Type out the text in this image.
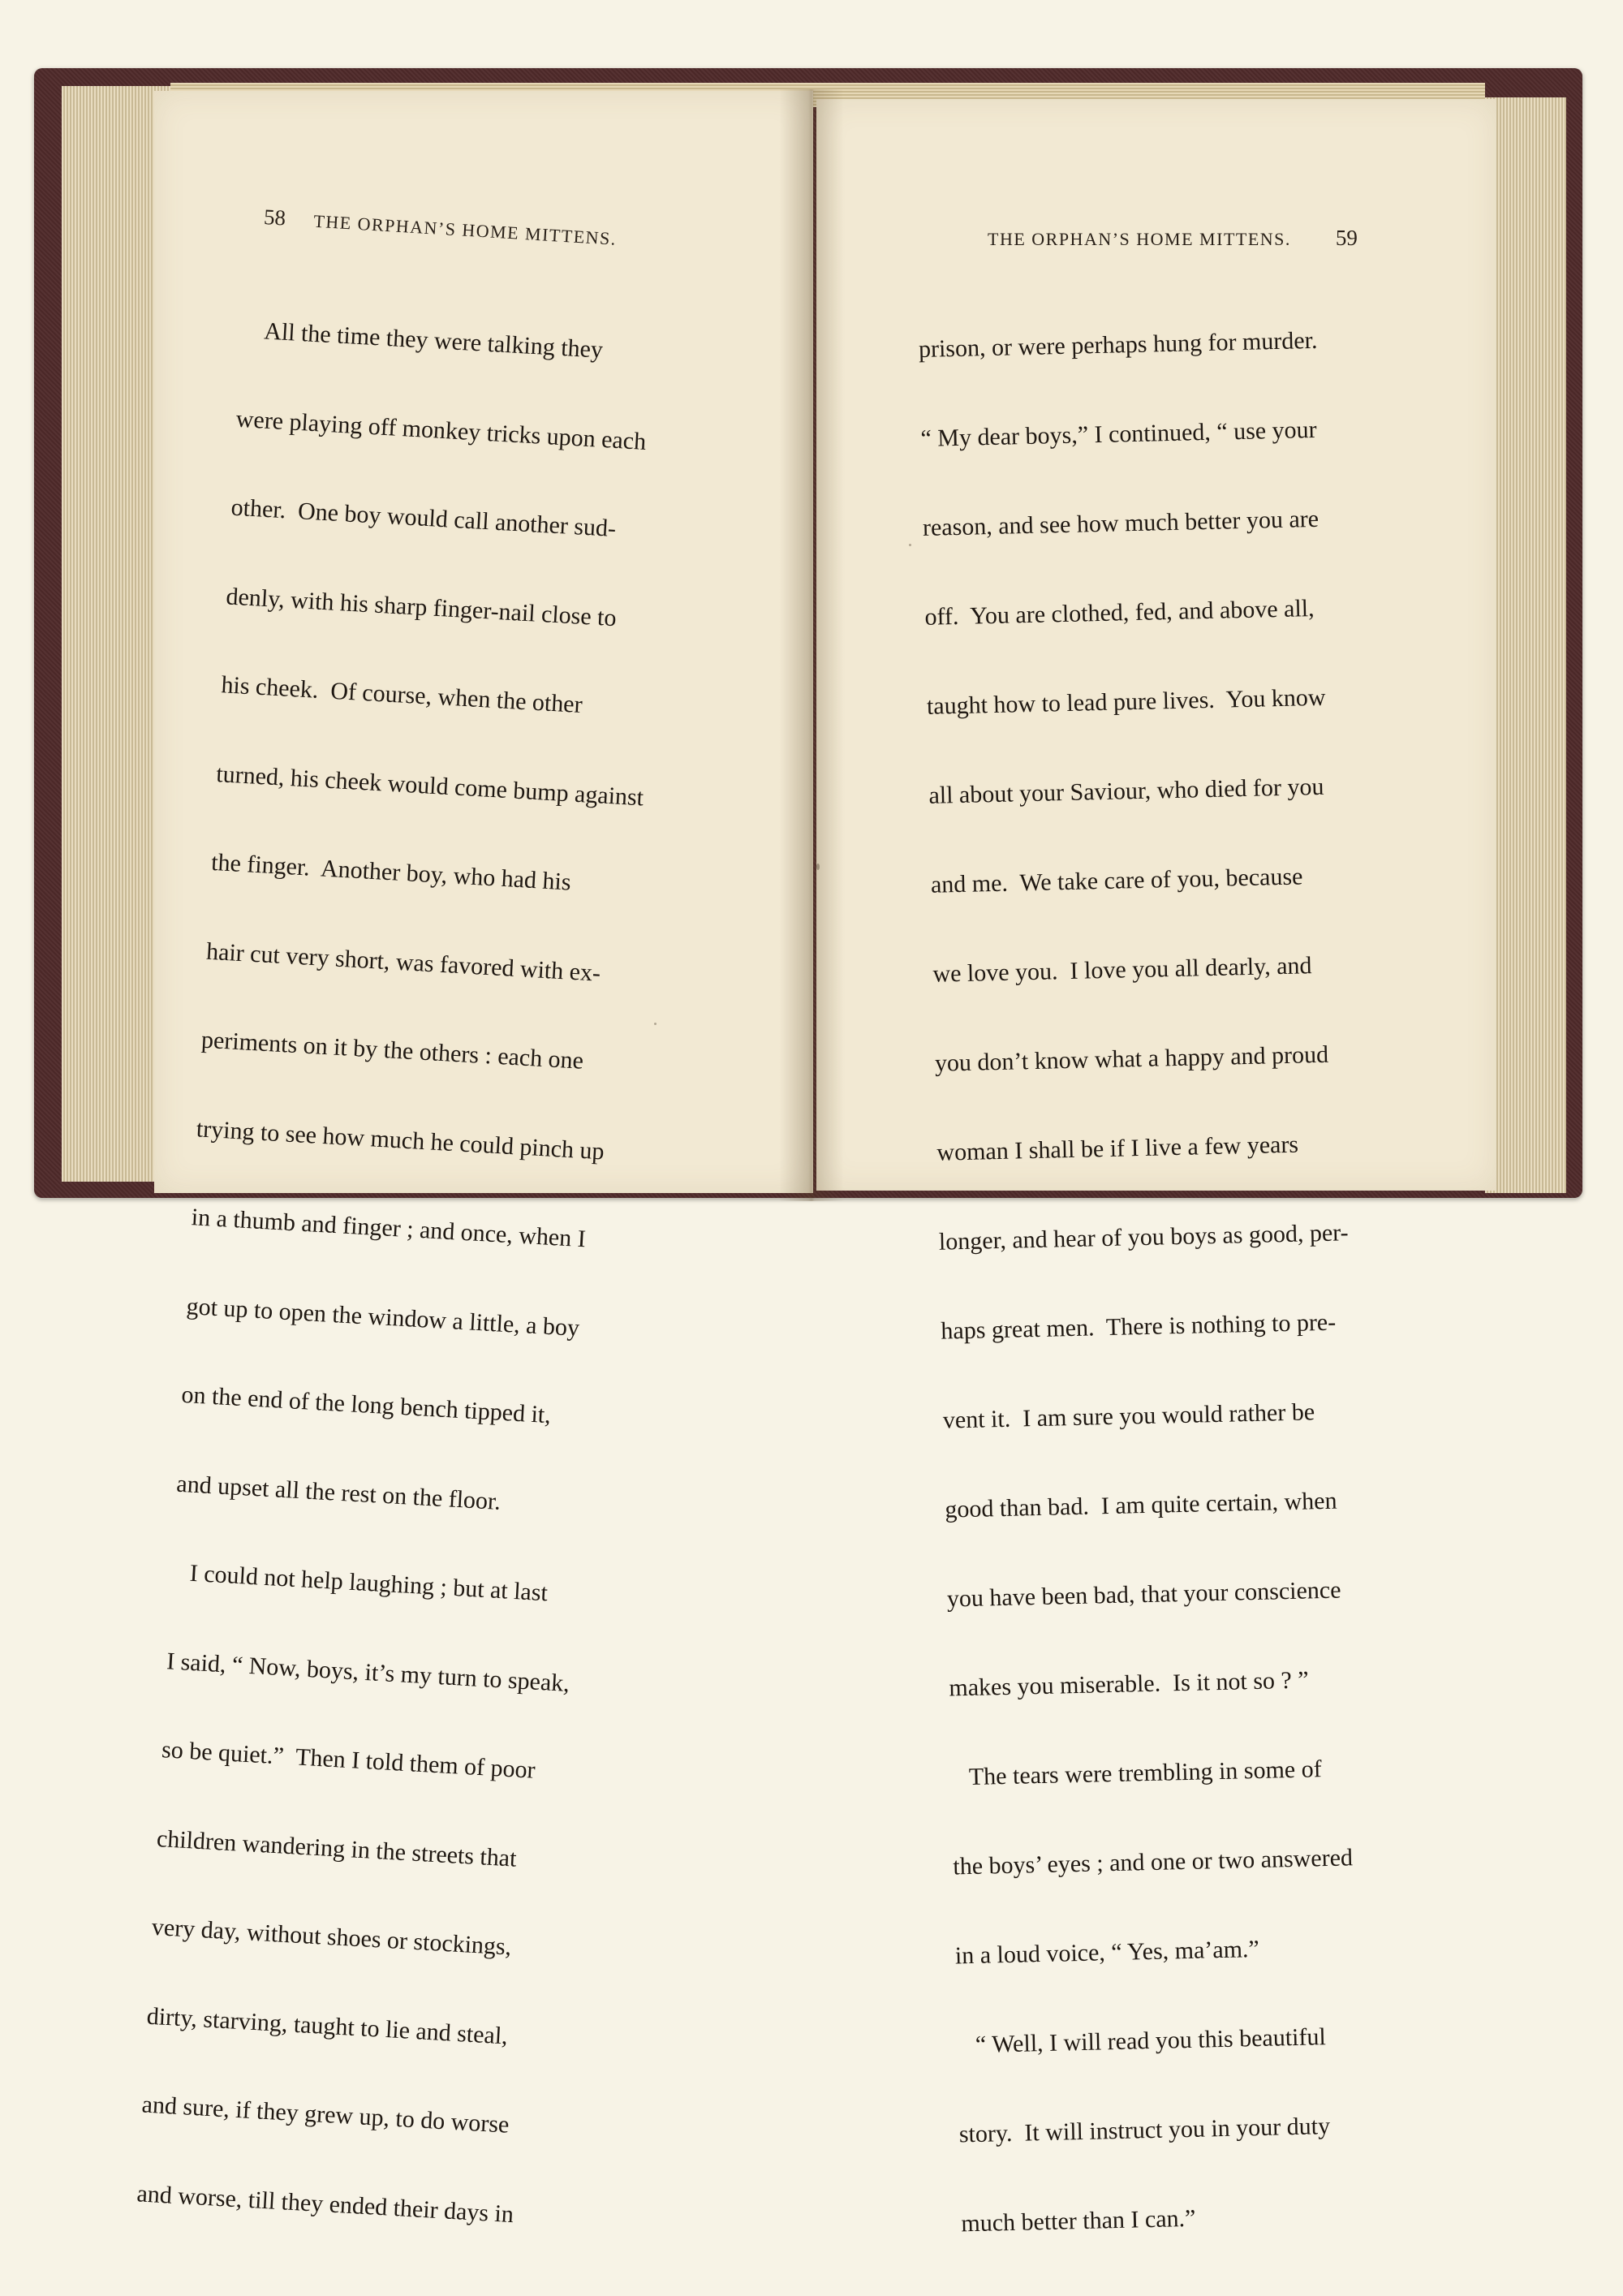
58 THE ORPHAN’S HOME MITTENS.	THE ORPHAN’S HOME MITTENS. 59

All the time they were talking they

were playing off monkey tricks upon each

other.  One boy would call another sud-

denly, with his sharp finger-nail close to

his cheek.  Of course, when the other

turned, his cheek would come bump against

the finger.  Another boy, who had his

hair cut very short, was favored with ex-

periments on it by the others : each one

trying to see how much he could pinch up

in a thumb and finger ; and once, when I

got up to open the window a little, a boy

on the end of the long bench tipped it,

and upset all the rest on the floor.

I could not help laughing ; but at last

I said, “ Now, boys, it’s my turn to speak,

so be quiet.”  Then I told them of poor

children wandering in the streets that

very day, without shoes or stockings,

dirty, starving, taught to lie and steal,

and sure, if they grew up, to do worse

and worse, till they ended their days in

prison, or were perhaps hung for murder.

“ My dear boys,” I continued, “ use your

reason, and see how much better you are

off.  You are clothed, fed, and above all,

taught how to lead pure lives.  You know

all about your Saviour, who died for you

and me.  We take care of you, because

we love you.  I love you all dearly, and

you don’t know what a happy and proud

woman I shall be if I live a few years

longer, and hear of you boys as good, per-

haps great men.  There is nothing to pre-

vent it.  I am sure you would rather be

good than bad.  I am quite certain, when

you have been bad, that your conscience

makes you miserable.  Is it not so ? ”

The tears were trembling in some of

the boys’ eyes ; and one or two answered

in a loud voice, “ Yes, ma’am.”

“ Well, I will read you this beautiful

story.  It will instruct you in your duty

much better than I can.”
